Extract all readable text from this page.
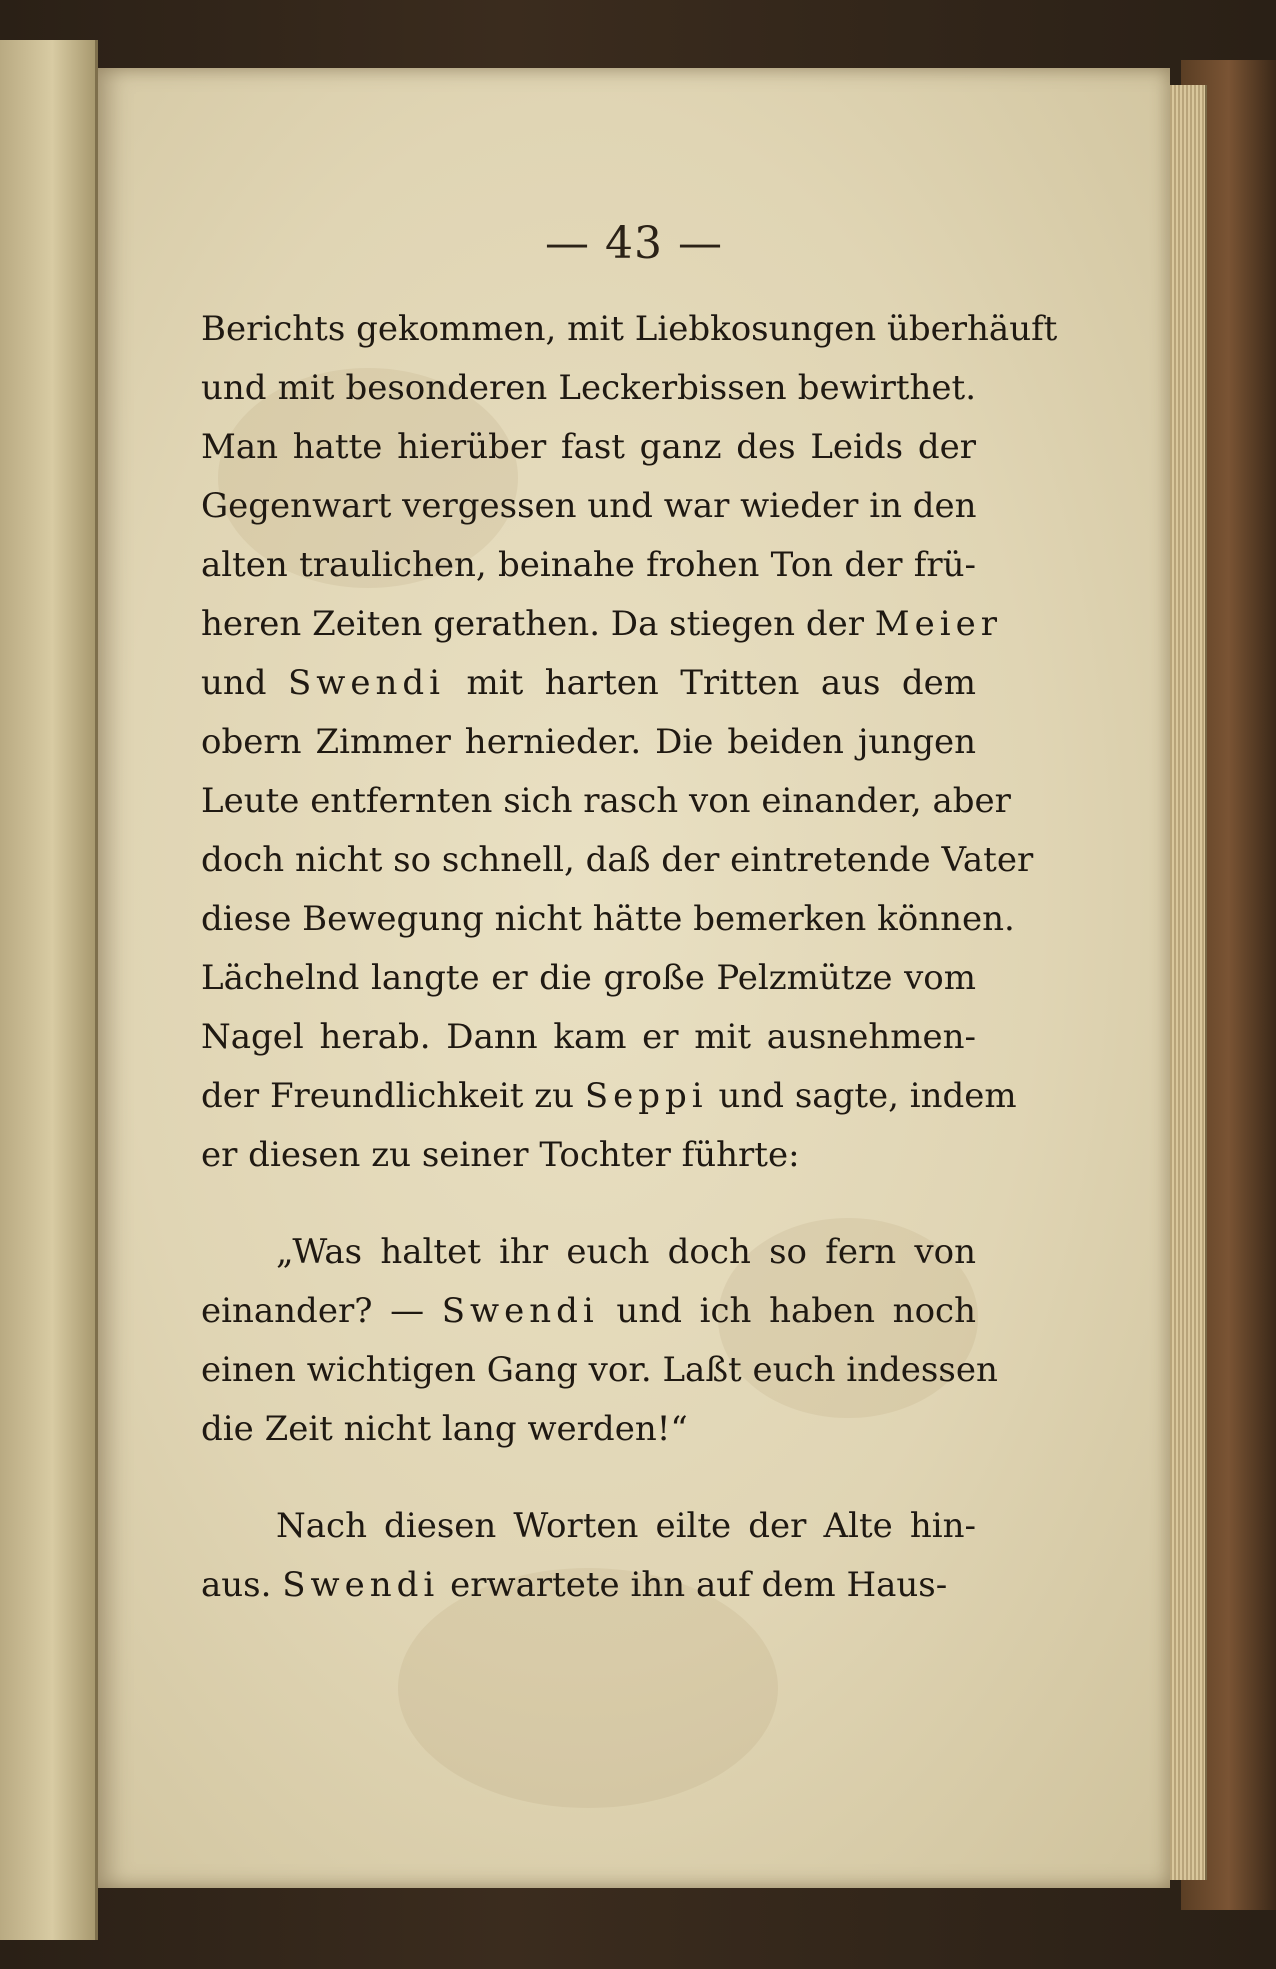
— 43 —
Berichts gekommen, mit Liebkosungen überhäuft
und mit besonderen Leckerbissen bewirthet.
Man hatte hierüber fast ganz des Leids der
Gegenwart vergessen und war wieder in den
alten traulichen, beinahe frohen Ton der frü-
heren Zeiten gerathen. Da stiegen der Meier
und Swendi mit harten Tritten aus dem
obern Zimmer hernieder. Die beiden jungen
Leute entfernten sich rasch von einander, aber
doch nicht so schnell, daß der eintretende Vater
diese Bewegung nicht hätte bemerken können.
Lächelnd langte er die große Pelzmütze vom
Nagel herab. Dann kam er mit ausnehmen-
der Freundlichkeit zu Seppi und sagte, indem
er diesen zu seiner Tochter führte:
„Was haltet ihr euch doch so fern von
einander? — Swendi und ich haben noch
einen wichtigen Gang vor. Laßt euch indessen
die Zeit nicht lang werden!“
Nach diesen Worten eilte der Alte hin-
aus. Swendi erwartete ihn auf dem Haus-
